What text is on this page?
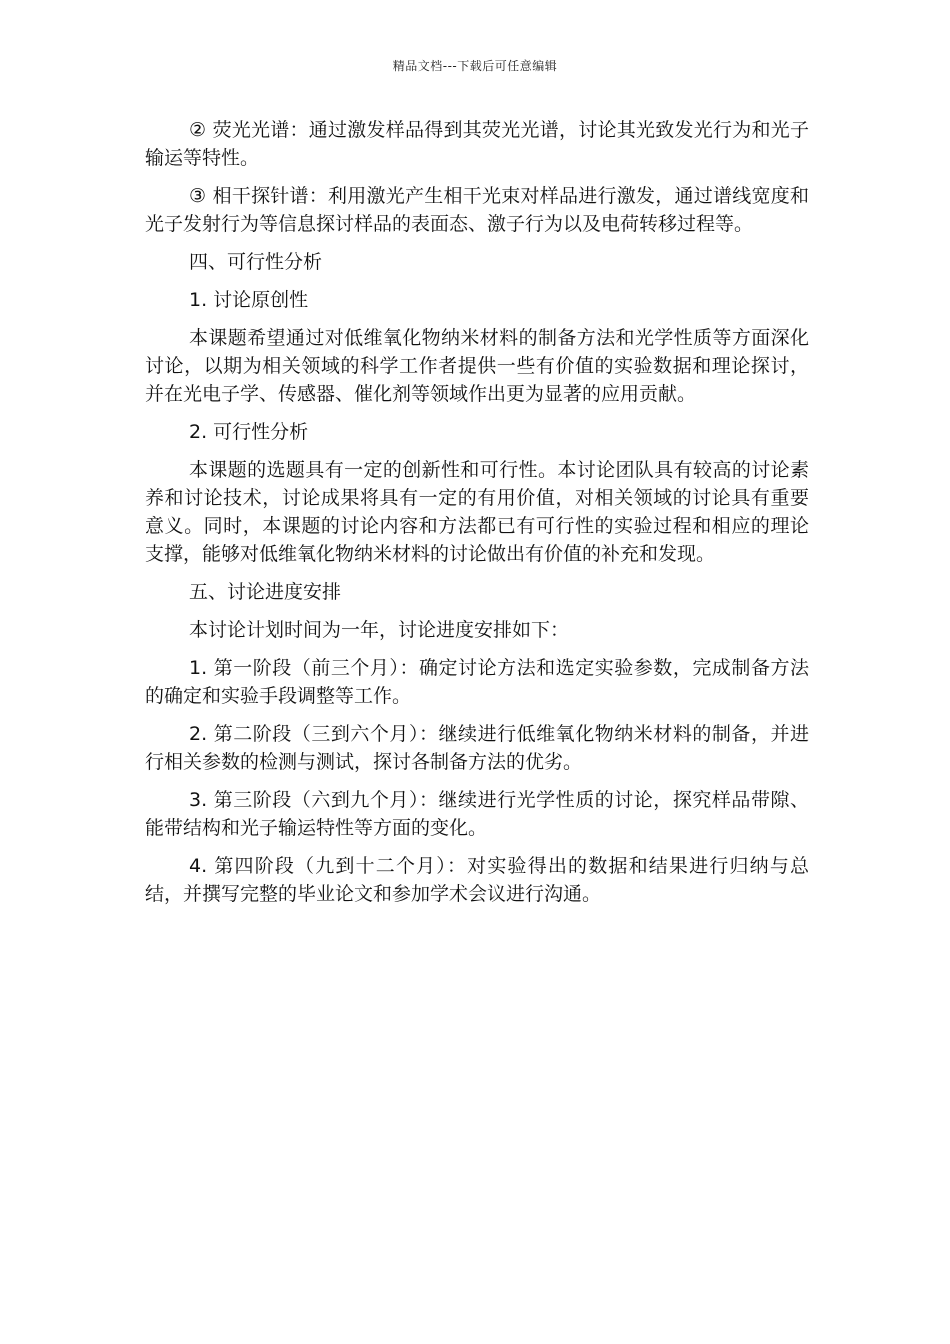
精品文档---下载后可任意编辑

② 荧光光谱：通过激发样品得到其荧光光谱，讨论其光致发光行为和光子输运等特性。

③ 相干探针谱：利用激光产生相干光束对样品进行激发，通过谱线宽度和光子发射行为等信息探讨样品的表面态、激子行为以及电荷转移过程等。

四、可行性分析

1. 讨论原创性

本课题希望通过对低维氧化物纳米材料的制备方法和光学性质等方面深化讨论，以期为相关领域的科学工作者提供一些有价值的实验数据和理论探讨，并在光电子学、传感器、催化剂等领域作出更为显著的应用贡献。

2. 可行性分析

本课题的选题具有一定的创新性和可行性。本讨论团队具有较高的讨论素养和讨论技术，讨论成果将具有一定的有用价值，对相关领域的讨论具有重要意义。同时，本课题的讨论内容和方法都已有可行性的实验过程和相应的理论支撑，能够对低维氧化物纳米材料的讨论做出有价值的补充和发现。

五、讨论进度安排

本讨论计划时间为一年，讨论进度安排如下：

1. 第一阶段（前三个月）：确定讨论方法和选定实验参数，完成制备方法的确定和实验手段调整等工作。

2. 第二阶段（三到六个月）：继续进行低维氧化物纳米材料的制备，并进行相关参数的检测与测试，探讨各制备方法的优劣。

3. 第三阶段（六到九个月）：继续进行光学性质的讨论，探究样品带隙、能带结构和光子输运特性等方面的变化。

4. 第四阶段（九到十二个月）：对实验得出的数据和结果进行归纳与总结，并撰写完整的毕业论文和参加学术会议进行沟通。
